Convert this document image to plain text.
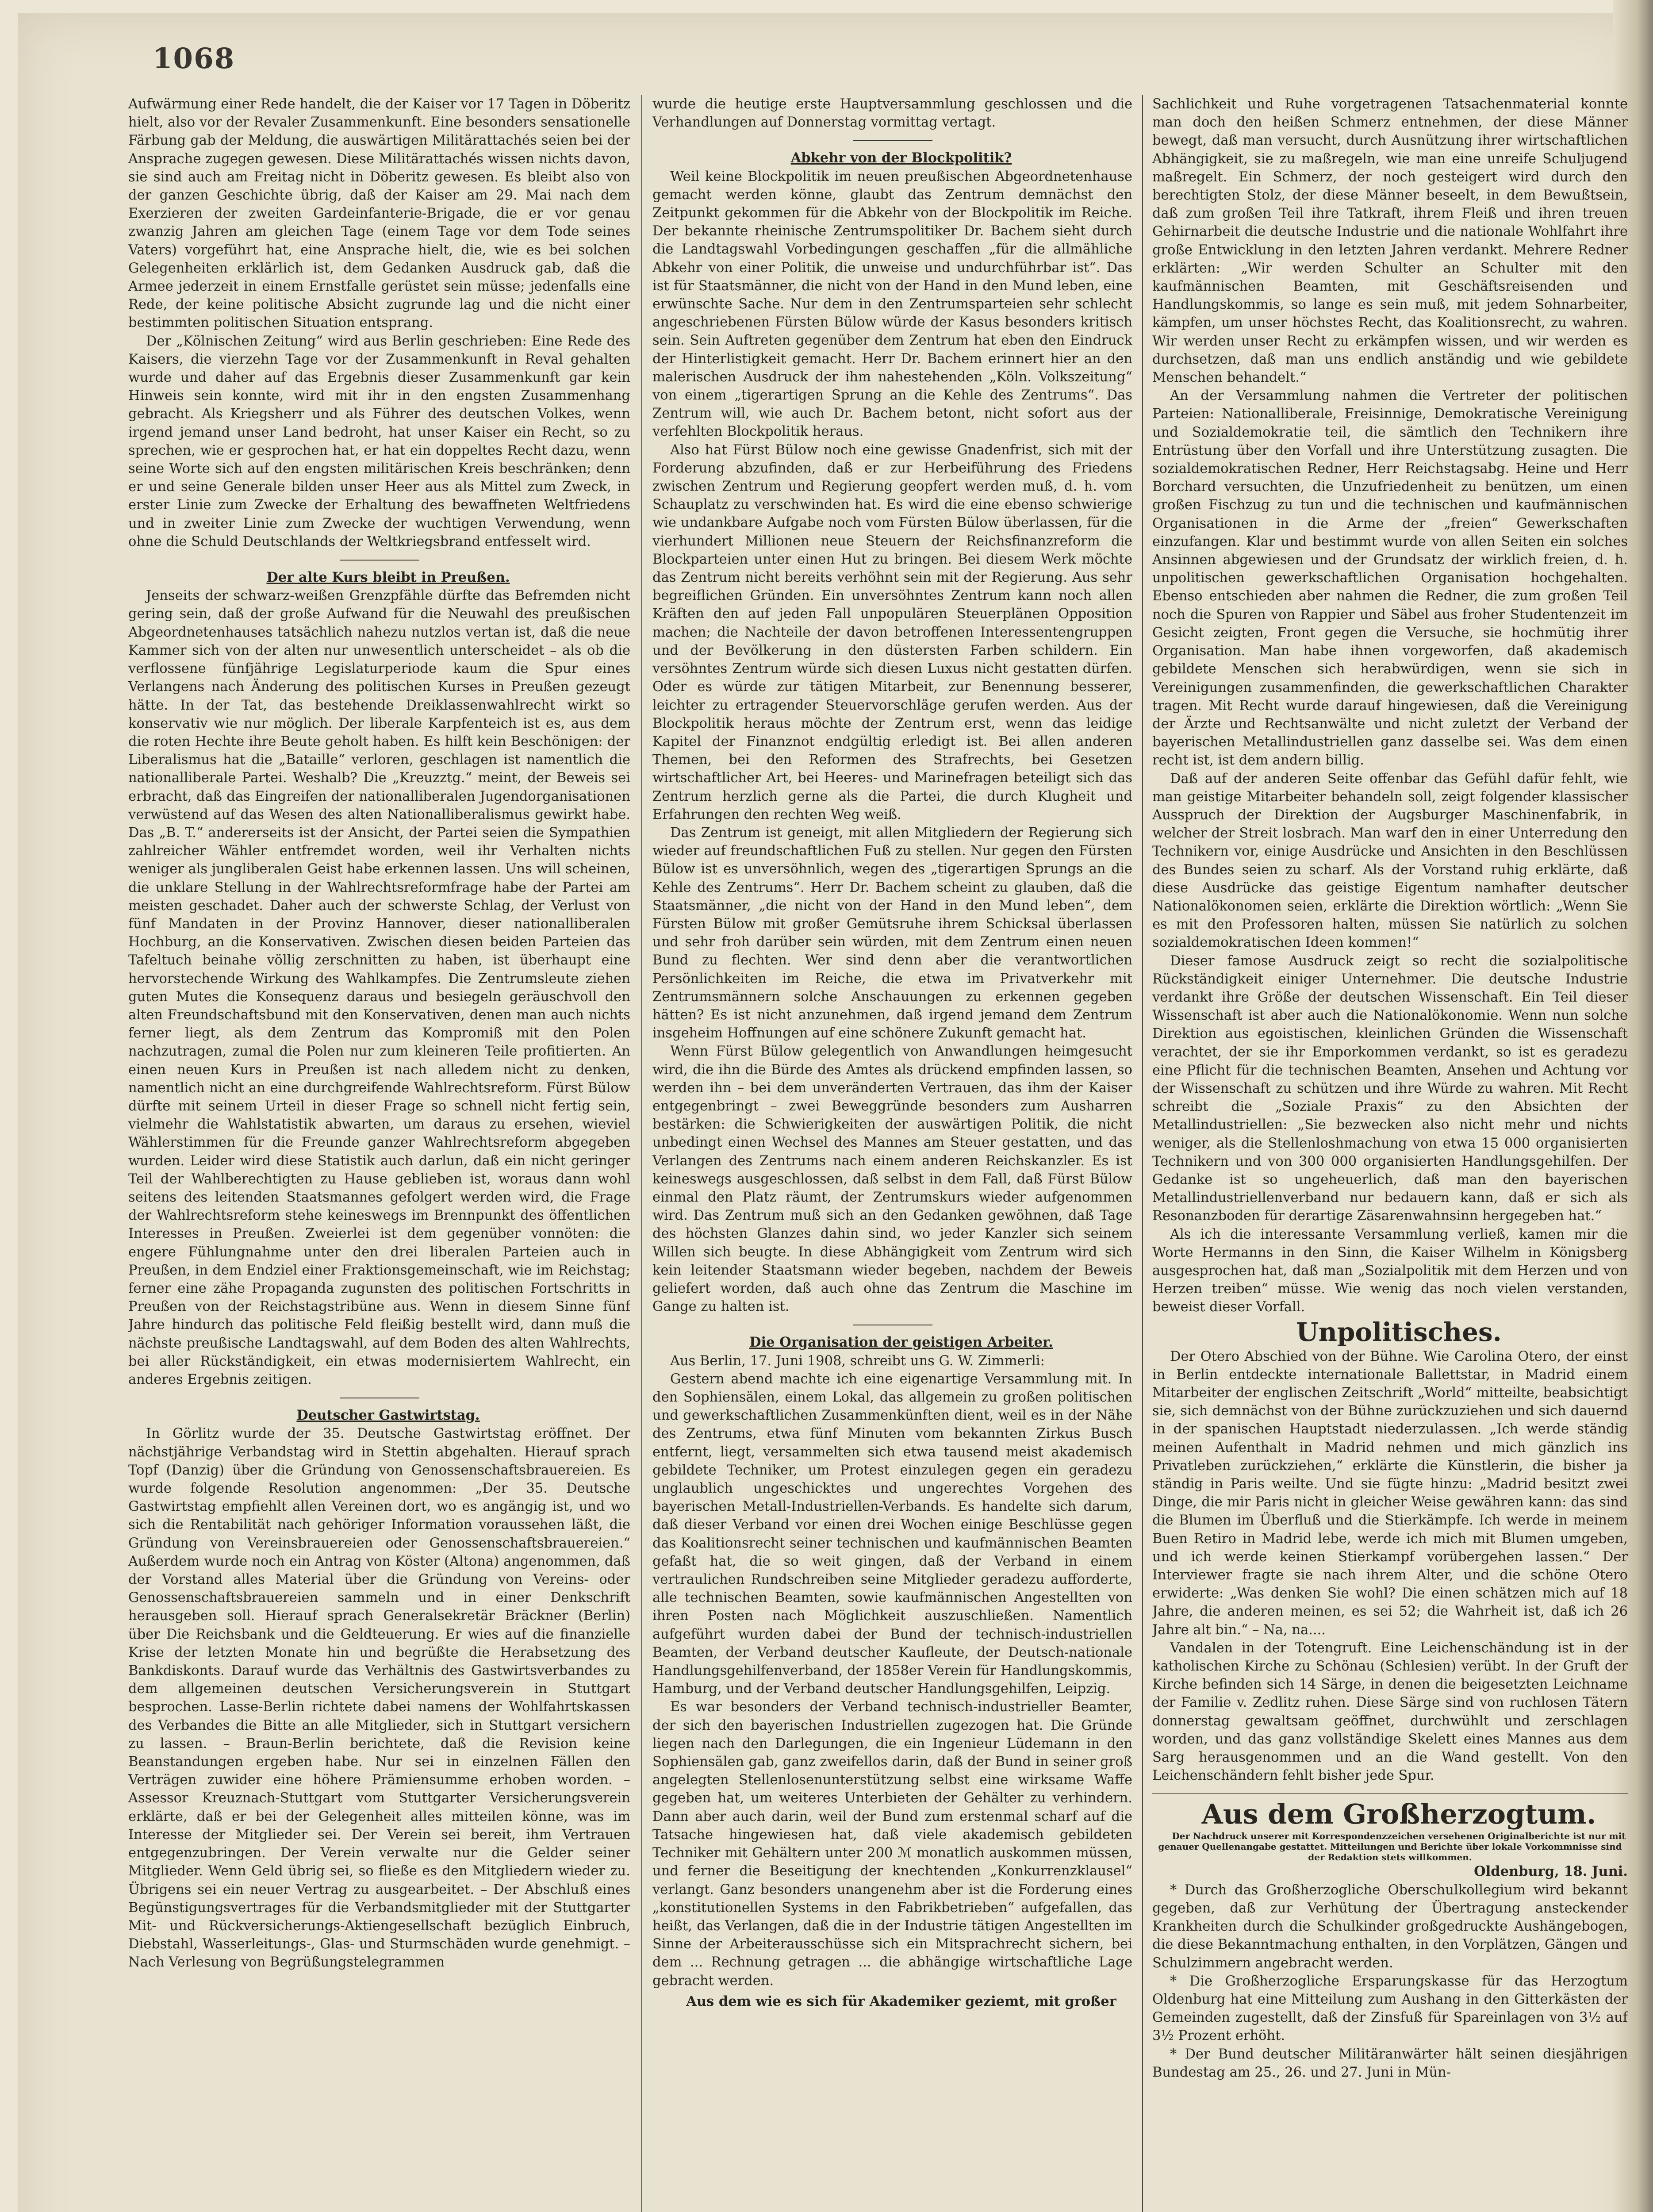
1068

Aufwärmung einer Rede handelt, die der Kaiser vor 17 Tagen in Döberitz hielt, also vor der Revaler Zusammenkunft. Eine besonders sensationelle Färbung gab der Meldung, die auswärtigen Militärattachés seien bei der Ansprache zugegen gewesen. Diese Militärattachés wissen nichts davon, sie sind auch am Freitag nicht in Döberitz gewesen. Es bleibt also von der ganzen Geschichte übrig, daß der Kaiser am 29. Mai nach dem Exerzieren der zweiten Gardeinfanterie-Brigade, die er vor genau zwanzig Jahren am gleichen Tage (einem Tage vor dem Tode seines Vaters) vorgeführt hat, eine Ansprache hielt, die, wie es bei solchen Gelegenheiten erklärlich ist, dem Gedanken Ausdruck gab, daß die Armee jederzeit in einem Ernstfalle gerüstet sein müsse; jedenfalls eine Rede, der keine politische Absicht zugrunde lag und die nicht einer bestimmten politischen Situation entsprang.

Der „Kölnischen Zeitung“ wird aus Berlin geschrieben: Eine Rede des Kaisers, die vierzehn Tage vor der Zusammenkunft in Reval gehalten wurde und daher auf das Ergebnis dieser Zusammenkunft gar kein Hinweis sein konnte, wird mit ihr in den engsten Zusammenhang gebracht. Als Kriegsherr und als Führer des deutschen Volkes, wenn irgend jemand unser Land bedroht, hat unser Kaiser ein Recht, so zu sprechen, wie er gesprochen hat, er hat ein doppeltes Recht dazu, wenn seine Worte sich auf den engsten militärischen Kreis beschränken; denn er und seine Generale bilden unser Heer aus als Mittel zum Zweck, in erster Linie zum Zwecke der Erhaltung des bewaffneten Weltfriedens und in zweiter Linie zum Zwecke der wuchtigen Verwendung, wenn ohne die Schuld Deutschlands der Weltkriegsbrand entfesselt wird.

Der alte Kurs bleibt in Preußen.

Jenseits der schwarz-weißen Grenzpfähle dürfte das Befremden nicht gering sein, daß der große Aufwand für die Neuwahl des preußischen Abgeordnetenhauses tatsächlich nahezu nutzlos vertan ist, daß die neue Kammer sich von der alten nur unwesentlich unterscheidet – als ob die verflossene fünfjährige Legislaturperiode kaum die Spur eines Verlangens nach Änderung des politischen Kurses in Preußen gezeugt hätte. In der Tat, das bestehende Dreiklassenwahlrecht wirkt so konservativ wie nur möglich. Der liberale Karpfenteich ist es, aus dem die roten Hechte ihre Beute geholt haben. Es hilft kein Beschönigen: der Liberalismus hat die „Bataille“ verloren, geschlagen ist namentlich die nationalliberale Partei. Weshalb? Die „Kreuzztg.“ meint, der Beweis sei erbracht, daß das Eingreifen der nationalliberalen Jugendorganisationen verwüstend auf das Wesen des alten Nationalliberalismus gewirkt habe. Das „B. T.“ andererseits ist der Ansicht, der Partei seien die Sympathien zahlreicher Wähler entfremdet worden, weil ihr Verhalten nichts weniger als jungliberalen Geist habe erkennen lassen. Uns will scheinen, die unklare Stellung in der Wahlrechtsreformfrage habe der Partei am meisten geschadet. Daher auch der schwerste Schlag, der Verlust von fünf Mandaten in der Provinz Hannover, dieser nationalliberalen Hochburg, an die Konservativen. Zwischen diesen beiden Parteien das Tafeltuch beinahe völlig zerschnitten zu haben, ist überhaupt eine hervorstechende Wirkung des Wahlkampfes. Die Zentrumsleute ziehen guten Mutes die Konsequenz daraus und besiegeln geräuschvoll den alten Freundschaftsbund mit den Konservativen, denen man auch nichts ferner liegt, als dem Zentrum das Kompromiß mit den Polen nachzutragen, zumal die Polen nur zum kleineren Teile profitierten. An einen neuen Kurs in Preußen ist nach alledem nicht zu denken, namentlich nicht an eine durchgreifende Wahlrechtsreform. Fürst Bülow dürfte mit seinem Urteil in dieser Frage so schnell nicht fertig sein, vielmehr die Wahlstatistik abwarten, um daraus zu ersehen, wieviel Wählerstimmen für die Freunde ganzer Wahlrechtsreform abgegeben wurden. Leider wird diese Statistik auch darlun, daß ein nicht geringer Teil der Wahlberechtigten zu Hause geblieben ist, woraus dann wohl seitens des leitenden Staatsmannes gefolgert werden wird, die Frage der Wahlrechtsreform stehe keineswegs im Brennpunkt des öffentlichen Interesses in Preußen. Zweierlei ist dem gegenüber vonnöten: die engere Fühlungnahme unter den drei liberalen Parteien auch in Preußen, in dem Endziel einer Fraktionsgemeinschaft, wie im Reichstag; ferner eine zähe Propaganda zugunsten des politischen Fortschritts in Preußen von der Reichstagstribüne aus. Wenn in diesem Sinne fünf Jahre hindurch das politische Feld fleißig bestellt wird, dann muß die nächste preußische Landtagswahl, auf dem Boden des alten Wahlrechts, bei aller Rückständigkeit, ein etwas modernisiertem Wahlrecht, ein anderes Ergebnis zeitigen.

Deutscher Gastwirtstag.

In Görlitz wurde der 35. Deutsche Gastwirtstag eröffnet. Der nächstjährige Verbandstag wird in Stettin abgehalten. Hierauf sprach Topf (Danzig) über die Gründung von Genossenschaftsbrauereien. Es wurde folgende Resolution angenommen: „Der 35. Deutsche Gastwirtstag empfiehlt allen Vereinen dort, wo es angängig ist, und wo sich die Rentabilität nach gehöriger Information voraussehen läßt, die Gründung von Vereinsbrauereien oder Genossenschaftsbrauereien.“ Außerdem wurde noch ein Antrag von Köster (Altona) angenommen, daß der Vorstand alles Material über die Gründung von Vereins- oder Genossenschaftsbrauereien sammeln und in einer Denkschrift herausgeben soll. Hierauf sprach Generalsekretär Bräckner (Berlin) über Die Reichsbank und die Geldteuerung. Er wies auf die finanzielle Krise der letzten Monate hin und begrüßte die Herabsetzung des Bankdiskonts. Darauf wurde das Verhältnis des Gastwirtsverbandes zu dem allgemeinen deutschen Versicherungsverein in Stuttgart besprochen. Lasse-Berlin richtete dabei namens der Wohlfahrtskassen des Verbandes die Bitte an alle Mitglieder, sich in Stuttgart versichern zu lassen. – Braun-Berlin berichtete, daß die Revision keine Beanstandungen ergeben habe. Nur sei in einzelnen Fällen den Verträgen zuwider eine höhere Prämiensumme erhoben worden. – Assessor Kreuznach-Stuttgart vom Stuttgarter Versicherungsverein erklärte, daß er bei der Gelegenheit alles mitteilen könne, was im Interesse der Mitglieder sei. Der Verein sei bereit, ihm Vertrauen entgegenzubringen. Der Verein verwalte nur die Gelder seiner Mitglieder. Wenn Geld übrig sei, so fließe es den Mitgliedern wieder zu. Übrigens sei ein neuer Vertrag zu ausgearbeitet. – Der Abschluß eines Begünstigungsvertrages für die Verbandsmitglieder mit der Stuttgarter Mit- und Rückversicherungs-Aktiengesellschaft bezüglich Einbruch, Diebstahl, Wasserleitungs-, Glas- und Sturmschäden wurde genehmigt. – Nach Verlesung von Begrüßungstelegrammen

wurde die heutige erste Hauptversammlung geschlossen und die Verhandlungen auf Donnerstag vormittag vertagt.

Abkehr von der Blockpolitik?

Weil keine Blockpolitik im neuen preußischen Abgeordnetenhause gemacht werden könne, glaubt das Zentrum demnächst den Zeitpunkt gekommen für die Abkehr von der Blockpolitik im Reiche. Der bekannte rheinische Zentrumspolitiker Dr. Bachem sieht durch die Landtagswahl Vorbedingungen geschaffen „für die allmähliche Abkehr von einer Politik, die unweise und undurchführbar ist“. Das ist für Staatsmänner, die nicht von der Hand in den Mund leben, eine erwünschte Sache. Nur dem in den Zentrumsparteien sehr schlecht angeschriebenen Fürsten Bülow würde der Kasus besonders kritisch sein. Sein Auftreten gegenüber dem Zentrum hat eben den Eindruck der Hinterlistigkeit gemacht. Herr Dr. Bachem erinnert hier an den malerischen Ausdruck der ihm nahestehenden „Köln. Volkszeitung“ von einem „tigerartigen Sprung an die Kehle des Zentrums“. Das Zentrum will, wie auch Dr. Bachem betont, nicht sofort aus der verfehlten Blockpolitik heraus.

Also hat Fürst Bülow noch eine gewisse Gnadenfrist, sich mit der Forderung abzufinden, daß er zur Herbeiführung des Friedens zwischen Zentrum und Regierung geopfert werden muß, d. h. vom Schauplatz zu verschwinden hat. Es wird die eine ebenso schwierige wie undankbare Aufgabe noch vom Fürsten Bülow überlassen, für die vierhundert Millionen neue Steuern der Reichsfinanzreform die Blockparteien unter einen Hut zu bringen. Bei diesem Werk möchte das Zentrum nicht bereits verhöhnt sein mit der Regierung. Aus sehr begreiflichen Gründen. Ein unversöhntes Zentrum kann noch allen Kräften den auf jeden Fall unpopulären Steuerplänen Opposition machen; die Nachteile der davon betroffenen Interessentengruppen und der Bevölkerung in den düstersten Farben schildern. Ein versöhntes Zentrum würde sich diesen Luxus nicht gestatten dürfen. Oder es würde zur tätigen Mitarbeit, zur Benennung besserer, leichter zu ertragender Steuervorschläge gerufen werden. Aus der Blockpolitik heraus möchte der Zentrum erst, wenn das leidige Kapitel der Finanznot endgültig erledigt ist. Bei allen anderen Themen, bei den Reformen des Strafrechts, bei Gesetzen wirtschaftlicher Art, bei Heeres- und Marinefragen beteiligt sich das Zentrum herzlich gerne als die Partei, die durch Klugheit und Erfahrungen den rechten Weg weiß.

Das Zentrum ist geneigt, mit allen Mitgliedern der Regierung sich wieder auf freundschaftlichen Fuß zu stellen. Nur gegen den Fürsten Bülow ist es unversöhnlich, wegen des „tigerartigen Sprungs an die Kehle des Zentrums“. Herr Dr. Bachem scheint zu glauben, daß die Staatsmänner, „die nicht von der Hand in den Mund leben“, dem Fürsten Bülow mit großer Gemütsruhe ihrem Schicksal überlassen und sehr froh darüber sein würden, mit dem Zentrum einen neuen Bund zu flechten. Wer sind denn aber die verantwortlichen Persönlichkeiten im Reiche, die etwa im Privatverkehr mit Zentrumsmännern solche Anschauungen zu erkennen gegeben hätten? Es ist nicht anzunehmen, daß irgend jemand dem Zentrum insgeheim Hoffnungen auf eine schönere Zukunft gemacht hat.

Wenn Fürst Bülow gelegentlich von Anwandlungen heimgesucht wird, die ihn die Bürde des Amtes als drückend empfinden lassen, so werden ihn – bei dem unveränderten Vertrauen, das ihm der Kaiser entgegenbringt – zwei Beweggründe besonders zum Ausharren bestärken: die Schwierigkeiten der auswärtigen Politik, die nicht unbedingt einen Wechsel des Mannes am Steuer gestatten, und das Verlangen des Zentrums nach einem anderen Reichskanzler. Es ist keineswegs ausgeschlossen, daß selbst in dem Fall, daß Fürst Bülow einmal den Platz räumt, der Zentrumskurs wieder aufgenommen wird. Das Zentrum muß sich an den Gedanken gewöhnen, daß Tage des höchsten Glanzes dahin sind, wo jeder Kanzler sich seinem Willen sich beugte. In diese Abhängigkeit vom Zentrum wird sich kein leitender Staatsmann wieder begeben, nachdem der Beweis geliefert worden, daß auch ohne das Zentrum die Maschine im Gange zu halten ist.

Die Organisation der geistigen Arbeiter.

Aus Berlin, 17. Juni 1908, schreibt uns G. W. Zimmerli:

Gestern abend machte ich eine eigenartige Versammlung mit. In den Sophiensälen, einem Lokal, das allgemein zu großen politischen und gewerkschaftlichen Zusammenkünften dient, weil es in der Nähe des Zentrums, etwa fünf Minuten vom bekannten Zirkus Busch entfernt, liegt, versammelten sich etwa tausend meist akademisch gebildete Techniker, um Protest einzulegen gegen ein geradezu unglaublich ungeschicktes und ungerechtes Vorgehen des bayerischen Metall-Industriellen-Verbands. Es handelte sich darum, daß dieser Verband vor einen drei Wochen einige Beschlüsse gegen das Koalitionsrecht seiner technischen und kaufmännischen Beamten gefaßt hat, die so weit gingen, daß der Verband in einem vertraulichen Rundschreiben seine Mitglieder geradezu aufforderte, alle technischen Beamten, sowie kaufmännischen Angestellten von ihren Posten nach Möglichkeit auszuschließen. Namentlich aufgeführt wurden dabei der Bund der technisch-industriellen Beamten, der Verband deutscher Kaufleute, der Deutsch-nationale Handlungsgehilfenverband, der 1858er Verein für Handlungskommis, Hamburg, und der Verband deutscher Handlungsgehilfen, Leipzig.

Es war besonders der Verband technisch-industrieller Beamter, der sich den bayerischen Industriellen zugezogen hat. Die Gründe liegen nach den Darlegungen, die ein Ingenieur Lüdemann in den Sophiensälen gab, ganz zweifellos darin, daß der Bund in seiner groß angelegten Stellenlosenunterstützung selbst eine wirksame Waffe gegeben hat, um weiteres Unterbieten der Gehälter zu verhindern. Dann aber auch darin, weil der Bund zum erstenmal scharf auf die Tatsache hingewiesen hat, daß viele akademisch gebildeten Techniker mit Gehältern unter 200 ℳ monatlich auskommen müssen, und ferner die Beseitigung der knechtenden „Konkurrenzklausel“ verlangt. Ganz besonders unangenehm aber ist die Forderung eines „konstitutionellen Systems in den Fabrikbetrieben“ aufgefallen, das heißt, das Verlangen, daß die in der Industrie tätigen Angestellten im Sinne der Arbeiterausschüsse sich ein Mitsprachrecht sichern, bei dem ... Rechnung getragen ... die abhängige wirtschaftliche Lage gebracht werden.

Aus dem wie es sich für Akademiker geziemt, mit großer

Sachlichkeit und Ruhe vorgetragenen Tatsachenmaterial konnte man doch den heißen Schmerz entnehmen, der diese Männer bewegt, daß man versucht, durch Ausnützung ihrer wirtschaftlichen Abhängigkeit, sie zu maßregeln, wie man eine unreife Schuljugend maßregelt. Ein Schmerz, der noch gesteigert wird durch den berechtigten Stolz, der diese Männer beseelt, in dem Bewußtsein, daß zum großen Teil ihre Tatkraft, ihrem Fleiß und ihren treuen Gehirnarbeit die deutsche Industrie und die nationale Wohlfahrt ihre große Entwicklung in den letzten Jahren verdankt. Mehrere Redner erklärten: „Wir werden Schulter an Schulter mit den kaufmännischen Beamten, mit Geschäftsreisenden und Handlungskommis, so lange es sein muß, mit jedem Sohnarbeiter, kämpfen, um unser höchstes Recht, das Koalitionsrecht, zu wahren. Wir werden unser Recht zu erkämpfen wissen, und wir werden es durchsetzen, daß man uns endlich anständig und wie gebildete Menschen behandelt.“

An der Versammlung nahmen die Vertreter der politischen Parteien: Nationalliberale, Freisinnige, Demokratische Vereinigung und Sozialdemokratie teil, die sämtlich den Technikern ihre Entrüstung über den Vorfall und ihre Unterstützung zusagten. Die sozialdemokratischen Redner, Herr Reichstagsabg. Heine und Herr Borchard versuchten, die Unzufriedenheit zu benützen, um einen großen Fischzug zu tun und die technischen und kaufmännischen Organisationen in die Arme der „freien“ Gewerkschaften einzufangen. Klar und bestimmt wurde von allen Seiten ein solches Ansinnen abgewiesen und der Grundsatz der wirklich freien, d. h. unpolitischen gewerkschaftlichen Organisation hochgehalten. Ebenso entschieden aber nahmen die Redner, die zum großen Teil noch die Spuren von Rappier und Säbel aus froher Studentenzeit im Gesicht zeigten, Front gegen die Versuche, sie hochmütig ihrer Organisation. Man habe ihnen vorgeworfen, daß akademisch gebildete Menschen sich herabwürdigen, wenn sie sich in Vereinigungen zusammenfinden, die gewerkschaftlichen Charakter tragen. Mit Recht wurde darauf hingewiesen, daß die Vereinigung der Ärzte und Rechtsanwälte und nicht zuletzt der Verband der bayerischen Metallindustriellen ganz dasselbe sei. Was dem einen recht ist, ist dem andern billig.

Daß auf der anderen Seite offenbar das Gefühl dafür fehlt, wie man geistige Mitarbeiter behandeln soll, zeigt folgender klassischer Ausspruch der Direktion der Augsburger Maschinenfabrik, in welcher der Streit losbrach. Man warf den in einer Unterredung den Technikern vor, einige Ausdrücke und Ansichten in den Beschlüssen des Bundes seien zu scharf. Als der Vorstand ruhig erklärte, daß diese Ausdrücke das geistige Eigentum namhafter deutscher Nationalökonomen seien, erklärte die Direktion wörtlich: „Wenn Sie es mit den Professoren halten, müssen Sie natürlich zu solchen sozialdemokratischen Ideen kommen!“

Dieser famose Ausdruck zeigt so recht die sozialpolitische Rückständigkeit einiger Unternehmer. Die deutsche Industrie verdankt ihre Größe der deutschen Wissenschaft. Ein Teil dieser Wissenschaft ist aber auch die Nationalökonomie. Wenn nun solche Direktion aus egoistischen, kleinlichen Gründen die Wissenschaft verachtet, der sie ihr Emporkommen verdankt, so ist es geradezu eine Pflicht für die technischen Beamten, Ansehen und Achtung vor der Wissenschaft zu schützen und ihre Würde zu wahren. Mit Recht schreibt die „Soziale Praxis“ zu den Absichten der Metallindustriellen: „Sie bezwecken also nicht mehr und nichts weniger, als die Stellenloshmachung von etwa 15 000 organisierten Technikern und von 300 000 organisierten Handlungsgehilfen. Der Gedanke ist so ungeheuerlich, daß man den bayerischen Metallindustriellenverband nur bedauern kann, daß er sich als Resonanzboden für derartige Zäsarenwahnsinn hergegeben hat.“

Als ich die interessante Versammlung verließ, kamen mir die Worte Hermanns in den Sinn, die Kaiser Wilhelm in Königsberg ausgesprochen hat, daß man „Sozialpolitik mit dem Herzen und von Herzen treiben“ müsse. Wie wenig das noch vielen verstanden, beweist dieser Vorfall.

Unpolitisches.

Der Otero Abschied von der Bühne. Wie Carolina Otero, der einst in Berlin entdeckte internationale Ballettstar, in Madrid einem Mitarbeiter der englischen Zeitschrift „World“ mitteilte, beabsichtigt sie, sich demnächst von der Bühne zurückzuziehen und sich dauernd in der spanischen Hauptstadt niederzulassen. „Ich werde ständig meinen Aufenthalt in Madrid nehmen und mich gänzlich ins Privatleben zurückziehen,“ erklärte die Künstlerin, die bisher ja ständig in Paris weilte. Und sie fügte hinzu: „Madrid besitzt zwei Dinge, die mir Paris nicht in gleicher Weise gewähren kann: das sind die Blumen im Überfluß und die Stierkämpfe. Ich werde in meinem Buen Retiro in Madrid lebe, werde ich mich mit Blumen umgeben, und ich werde keinen Stierkampf vorübergehen lassen.“ Der Interviewer fragte sie nach ihrem Alter, und die schöne Otero erwiderte: „Was denken Sie wohl? Die einen schätzen mich auf 18 Jahre, die anderen meinen, es sei 52; die Wahrheit ist, daß ich 26 Jahre alt bin.“ – Na, na....

Vandalen in der Totengruft. Eine Leichenschändung ist in der katholischen Kirche zu Schönau (Schlesien) verübt. In der Gruft der Kirche befinden sich 14 Särge, in denen die beigesetzten Leichname der Familie v. Zedlitz ruhen. Diese Särge sind von ruchlosen Tätern donnerstag gewaltsam geöffnet, durchwühlt und zerschlagen worden, und das ganz vollständige Skelett eines Mannes aus dem Sarg herausgenommen und an die Wand gestellt. Von den Leichenschändern fehlt bisher jede Spur.

Aus dem Großherzogtum.

Der Nachdruck unserer mit Korrespondenzzeichen versehenen Originalberichte ist nur mit genauer Quellenangabe gestattet. Mitteilungen und Berichte über lokale Vorkommnisse sind der Redaktion stets willkommen.

Oldenburg, 18. Juni.

* Durch das Großherzogliche Oberschulkollegium wird bekannt gegeben, daß zur Verhütung der Übertragung ansteckender Krankheiten durch die Schulkinder großgedruckte Aushängebogen, die diese Bekanntmachung enthalten, in den Vorplätzen, Gängen und Schulzimmern angebracht werden.

* Die Großherzogliche Ersparungskasse für das Herzogtum Oldenburg hat eine Mitteilung zum Aushang in den Gitterkästen der Gemeinden zugestellt, daß der Zinsfuß für Spareinlagen von 3½ auf 3½ Prozent erhöht.

* Der Bund deutscher Militäranwärter hält seinen diesjährigen Bundestag am 25., 26. und 27. Juni in Mün-
